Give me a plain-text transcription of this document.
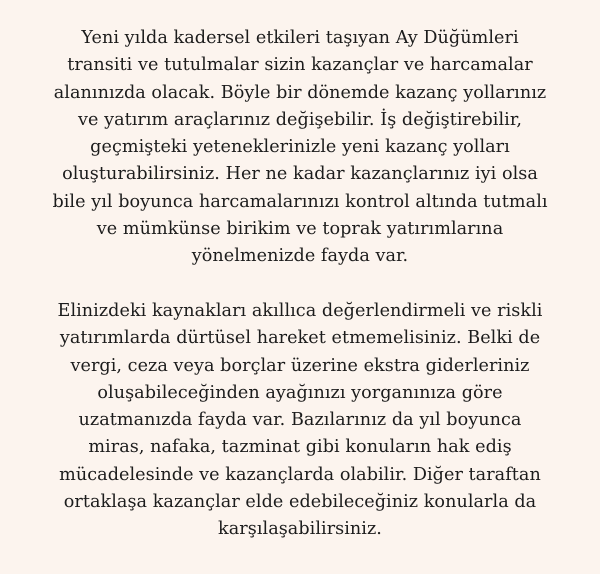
Yeni yılda kadersel etkileri taşıyan Ay Düğümleri
transiti ve tutulmalar sizin kazançlar ve harcamalar
alanınızda olacak. Böyle bir dönemde kazanç yollarınız
ve yatırım araçlarınız değişebilir. İş değiştirebilir,
geçmişteki yeteneklerinizle yeni kazanç yolları
oluşturabilirsiniz. Her ne kadar kazançlarınız iyi olsa
bile yıl boyunca harcamalarınızı kontrol altında tutmalı
ve mümkünse birikim ve toprak yatırımlarına
yönelmenizde fayda var.

Elinizdeki kaynakları akıllıca değerlendirmeli ve riskli
yatırımlarda dürtüsel hareket etmemelisiniz. Belki de
vergi, ceza veya borçlar üzerine ekstra giderleriniz
oluşabileceğinden ayağınızı yorganınıza göre
uzatmanızda fayda var. Bazılarınız da yıl boyunca
miras, nafaka, tazminat gibi konuların hak ediş
mücadelesinde ve kazançlarda olabilir. Diğer taraftan
ortaklaşa kazançlar elde edebileceğiniz konularla da
karşılaşabilirsiniz.
